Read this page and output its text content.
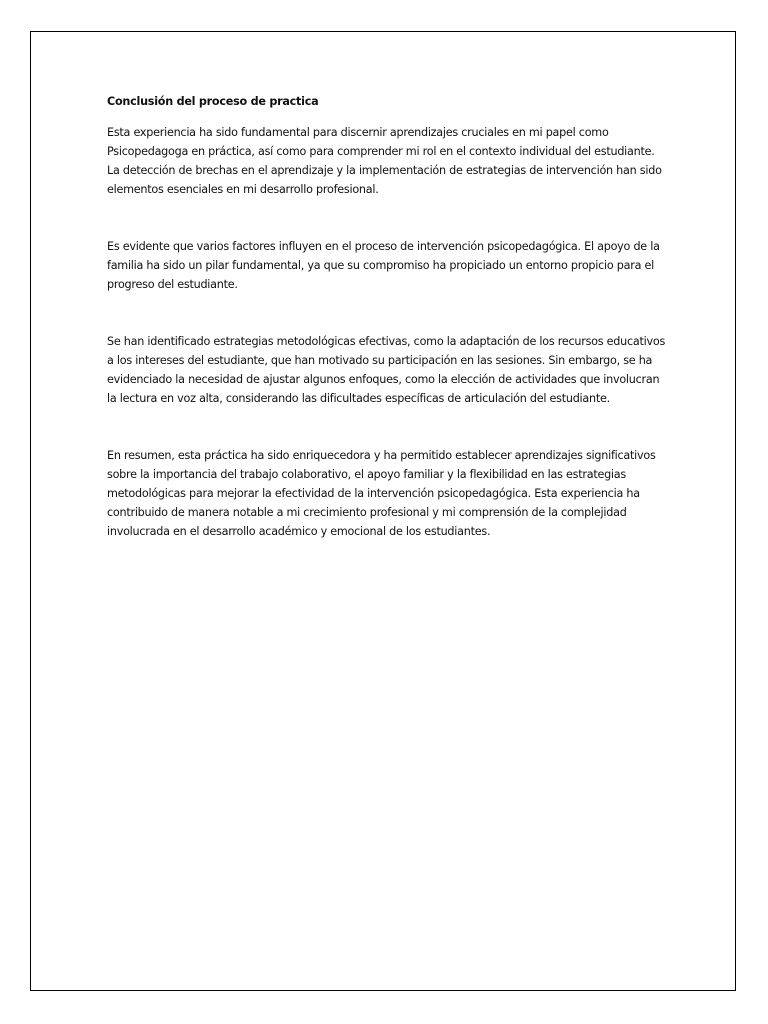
Conclusión del proceso de practica

Esta experiencia ha sido fundamental para discernir aprendizajes cruciales en mi papel como Psicopedagoga en práctica, así como para comprender mi rol en el contexto individual del estudiante. La detección de brechas en el aprendizaje y la implementación de estrategias de intervención han sido elementos esenciales en mi desarrollo profesional.

Es evidente que varios factores influyen en el proceso de intervención psicopedagógica. El apoyo de la familia ha sido un pilar fundamental, ya que su compromiso ha propiciado un entorno propicio para el progreso del estudiante.

Se han identificado estrategias metodológicas efectivas, como la adaptación de los recursos educativos a los intereses del estudiante, que han motivado su participación en las sesiones. Sin embargo, se ha evidenciado la necesidad de ajustar algunos enfoques, como la elección de actividades que involucran la lectura en voz alta, considerando las dificultades específicas de articulación del estudiante.

En resumen, esta práctica ha sido enriquecedora y ha permitido establecer aprendizajes significativos sobre la importancia del trabajo colaborativo, el apoyo familiar y la flexibilidad en las estrategias metodológicas para mejorar la efectividad de la intervención psicopedagógica. Esta experiencia ha contribuido de manera notable a mi crecimiento profesional y mi comprensión de la complejidad involucrada en el desarrollo académico y emocional de los estudiantes.
